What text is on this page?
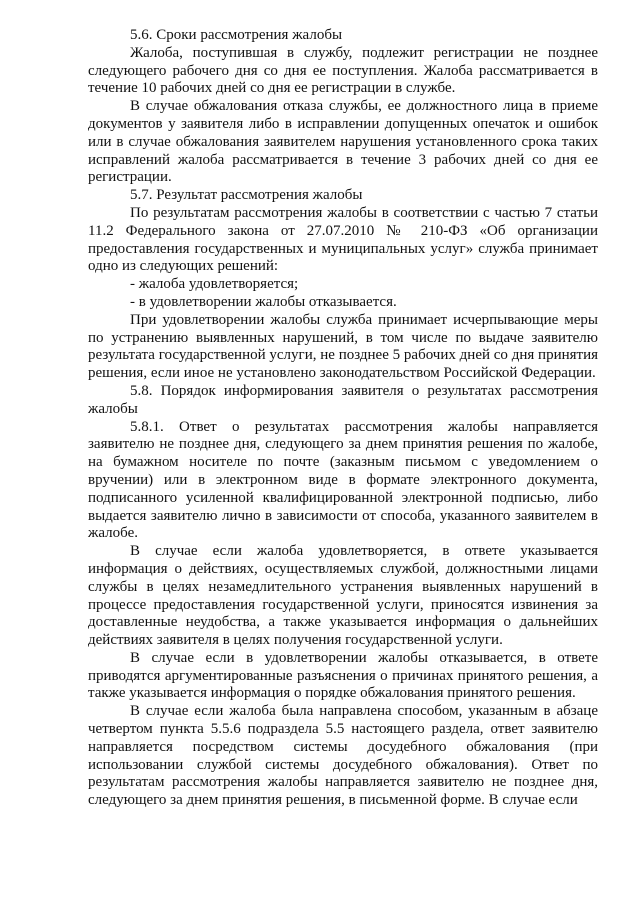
5.6. Сроки рассмотрения жалобы

Жалоба, поступившая в службу, подлежит регистрации не позднее следующего рабочего дня со дня ее поступления. Жалоба рассматривается в течение 10 рабочих дней со дня ее регистрации в службе.

В случае обжалования отказа службы, ее должностного лица в приеме документов у заявителя либо в исправлении допущенных опечаток и ошибок или в случае обжалования заявителем нарушения установленного срока таких исправлений жалоба рассматривается в течение 3 рабочих дней со дня ее регистрации.

5.7. Результат рассмотрения жалобы

По результатам рассмотрения жалобы в соответствии с частью 7 статьи 11.2 Федерального закона от 27.07.2010 № 210-ФЗ «Об организации предоставления государственных и муниципальных услуг» служба принимает одно из следующих решений:

- жалоба удовлетворяется;

- в удовлетворении жалобы отказывается.

При удовлетворении жалобы служба принимает исчерпывающие меры по устранению выявленных нарушений, в том числе по выдаче заявителю результата государственной услуги, не позднее 5 рабочих дней со дня принятия решения, если иное не установлено законодательством Российской Федерации.

5.8. Порядок информирования заявителя о результатах рассмотрения жалобы

5.8.1. Ответ о результатах рассмотрения жалобы направляется заявителю не позднее дня, следующего за днем принятия решения по жалобе, на бумажном носителе по почте (заказным письмом с уведомлением о вручении) или в электронном виде в формате электронного документа, подписанного усиленной квалифицированной электронной подписью, либо выдается заявителю лично в зависимости от способа, указанного заявителем в жалобе.

В случае если жалоба удовлетворяется, в ответе указывается информация о действиях, осуществляемых службой, должностными лицами службы в целях незамедлительного устранения выявленных нарушений в процессе предоставления государственной услуги, приносятся извинения за доставленные неудобства, а также указывается информация о дальнейших действиях заявителя в целях получения государственной услуги.

В случае если в удовлетворении жалобы отказывается, в ответе приводятся аргументированные разъяснения о причинах принятого решения, а также указывается информация о порядке обжалования принятого решения.

В случае если жалоба была направлена способом, указанным в абзаце четвертом пункта 5.5.6 подраздела 5.5 настоящего раздела, ответ заявителю направляется посредством системы досудебного обжалования (при использовании службой системы досудебного обжалования). Ответ по результатам рассмотрения жалобы направляется заявителю не позднее дня, следующего за днем принятия решения, в письменной форме. В случае если
